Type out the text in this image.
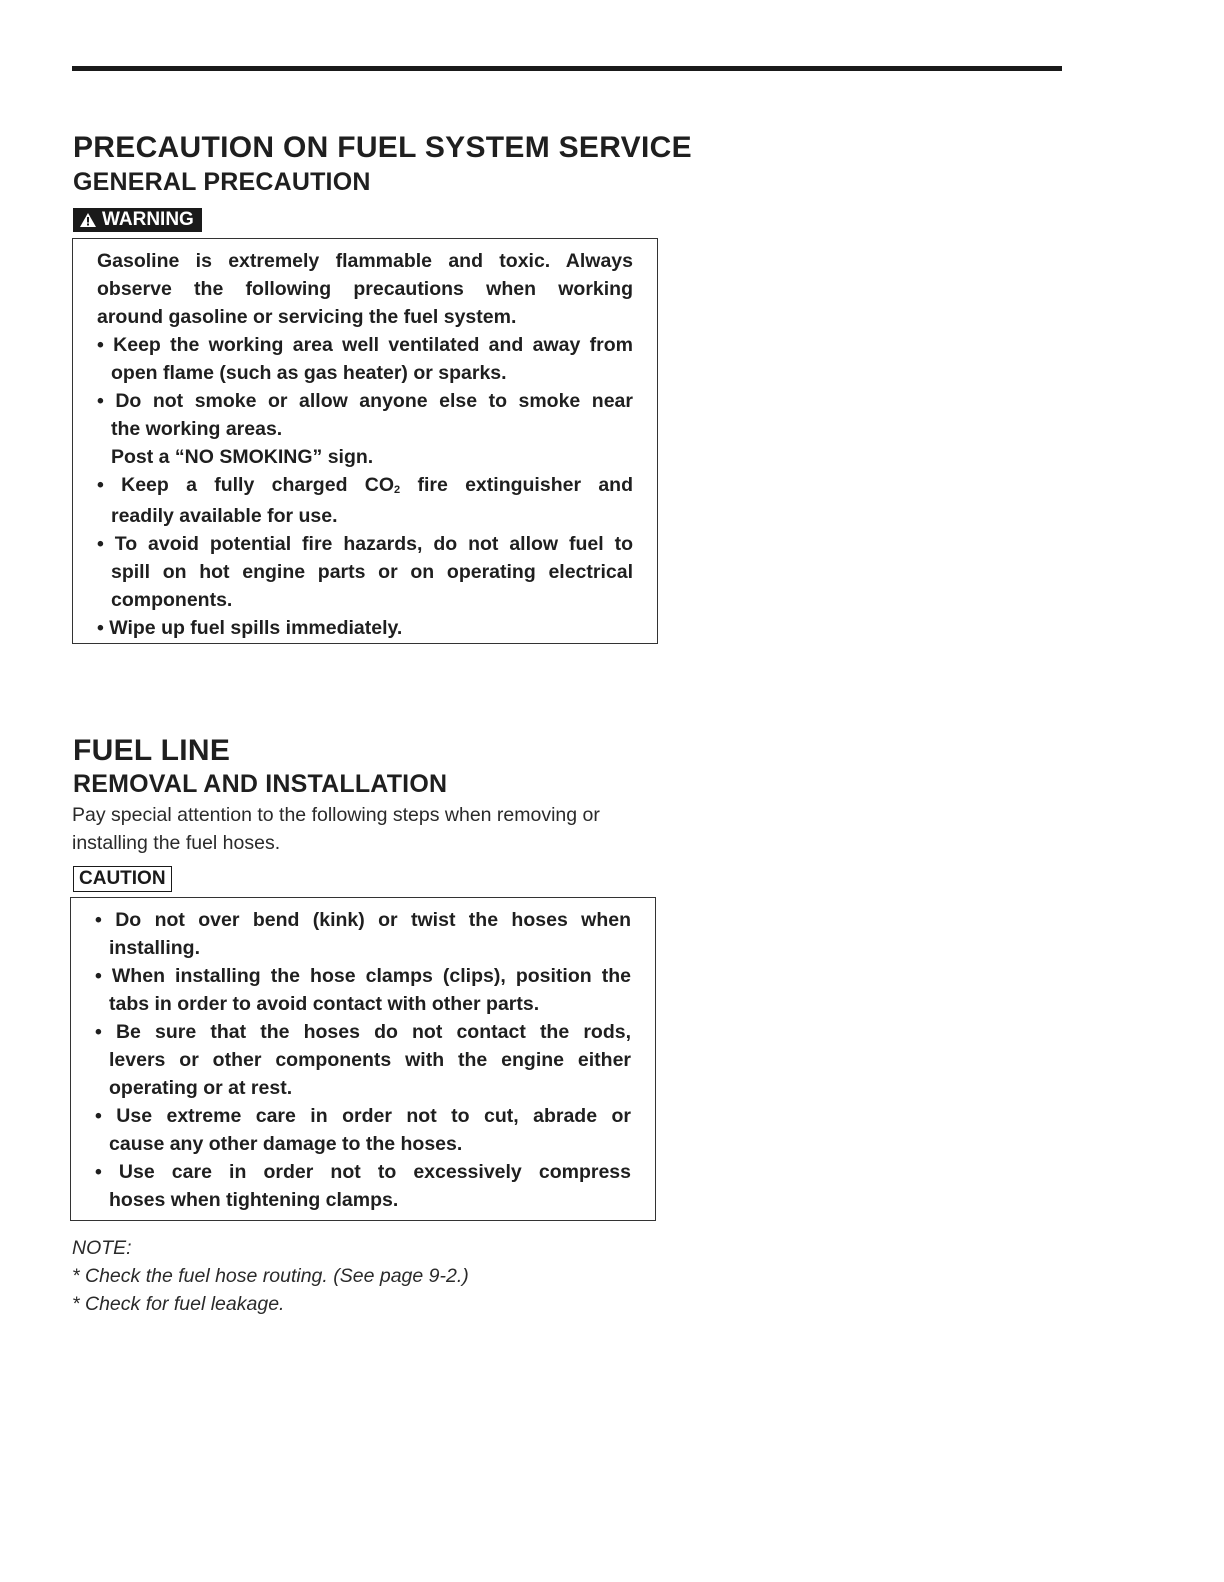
PRECAUTION ON FUEL SYSTEM SERVICE
GENERAL PRECAUTION
WARNING
Gasoline is extremely flammable and toxic. Always
observe the following precautions when working
around gasoline or servicing the fuel system.
• Keep the working area well ventilated and away from
open flame (such as gas heater) or sparks.
• Do not smoke or allow anyone else to smoke near
the working areas.
Post a “NO SMOKING” sign.
• Keep a fully charged $CO_2$ fire extinguisher and
readily available for use.
• To avoid potential fire hazards, do not allow fuel to
spill on hot engine parts or on operating electrical
components.
• Wipe up fuel spills immediately.
FUEL LINE
REMOVAL AND INSTALLATION
Pay special attention to the following steps when removing or
installing the fuel hoses.
CAUTION
• Do not over bend (kink) or twist the hoses when
installing.
• When installing the hose clamps (clips), position the
tabs in order to avoid contact with other parts.
• Be sure that the hoses do not contact the rods,
levers or other components with the engine either
operating or at rest.
• Use extreme care in order not to cut, abrade or
cause any other damage to the hoses.
• Use care in order not to excessively compress
hoses when tightening clamps.
NOTE:
* Check the fuel hose routing. (See page 9-2.)
* Check for fuel leakage.
